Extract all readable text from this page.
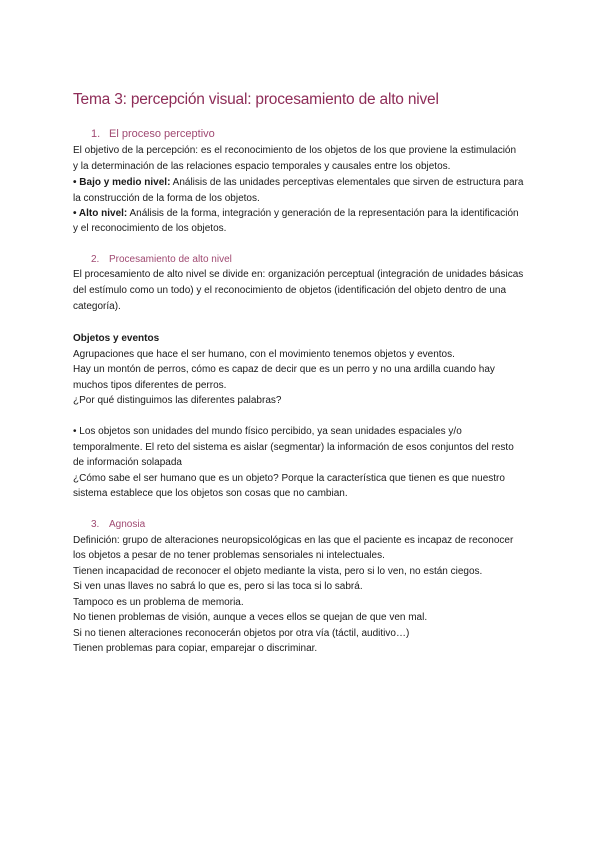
Tema 3: percepción visual: procesamiento de alto nivel
1. El proceso perceptivo
El objetivo de la percepción: es el reconocimiento de los objetos de los que proviene la estimulación
y la determinación de las relaciones espacio temporales y causales entre los objetos.
• Bajo y medio nivel: Análisis de las unidades perceptivas elementales que sirven de estructura para
la construcción de la forma de los objetos.
• Alto nivel: Análisis de la forma, integración y generación de la representación para la identificación
y el reconocimiento de los objetos.
2. Procesamiento de alto nivel
El procesamiento de alto nivel se divide en: organización perceptual (integración de unidades básicas
del estímulo como un todo) y el reconocimiento de objetos (identificación del objeto dentro de una
categoría).
Objetos y eventos
Agrupaciones que hace el ser humano, con el movimiento tenemos objetos y eventos.
Hay un montón de perros, cómo es capaz de decir que es un perro y no una ardilla cuando hay
muchos tipos diferentes de perros.
¿Por qué distinguimos las diferentes palabras?
• Los objetos son unidades del mundo físico percibido, ya sean unidades espaciales y/o
temporalmente. El reto del sistema es aislar (segmentar) la información de esos conjuntos del resto
de información solapada
¿Cómo sabe el ser humano que es un objeto? Porque la característica que tienen es que nuestro
sistema establece que los objetos son cosas que no cambian.
3. Agnosia
Definición: grupo de alteraciones neuropsicológicas en las que el paciente es incapaz de reconocer
los objetos a pesar de no tener problemas sensoriales ni intelectuales.
Tienen incapacidad de reconocer el objeto mediante la vista, pero si lo ven, no están ciegos.
Si ven unas llaves no sabrá lo que es, pero si las toca si lo sabrá.
Tampoco es un problema de memoria.
No tienen problemas de visión, aunque a veces ellos se quejan de que ven mal.
Si no tienen alteraciones reconocerán objetos por otra vía (táctil, auditivo…)
Tienen problemas para copiar, emparejar o discriminar.
